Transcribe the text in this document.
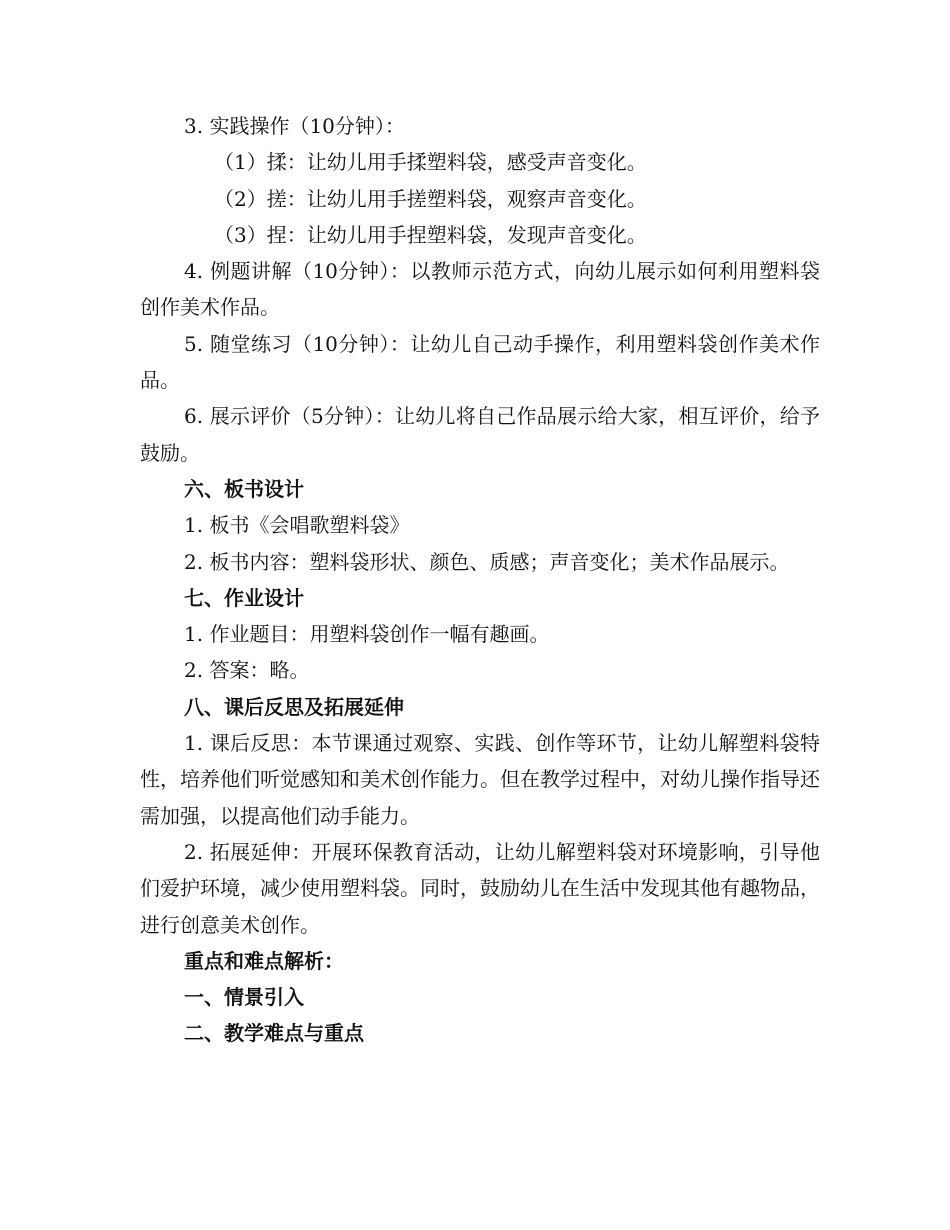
3. 实践操作（10分钟）：

（1）揉：让幼儿用手揉塑料袋，感受声音变化。

（2）搓：让幼儿用手搓塑料袋，观察声音变化。

（3）捏：让幼儿用手捏塑料袋，发现声音变化。

4. 例题讲解（10分钟）：以教师示范方式，向幼儿展示如何利用塑料袋创作美术作品。

5. 随堂练习（10分钟）：让幼儿自己动手操作，利用塑料袋创作美术作品。

6. 展示评价（5分钟）：让幼儿将自己作品展示给大家，相互评价，给予鼓励。

六、板书设计

1. 板书《会唱歌塑料袋》

2. 板书内容：塑料袋形状、颜色、质感；声音变化；美术作品展示。

七、作业设计

1. 作业题目：用塑料袋创作一幅有趣画。

2. 答案：略。

八、课后反思及拓展延伸

1. 课后反思：本节课通过观察、实践、创作等环节，让幼儿解塑料袋特性，培养他们听觉感知和美术创作能力。但在教学过程中，对幼儿操作指导还需加强，以提高他们动手能力。

2. 拓展延伸：开展环保教育活动，让幼儿解塑料袋对环境影响，引导他们爱护环境，减少使用塑料袋。同时，鼓励幼儿在生活中发现其他有趣物品，进行创意美术创作。

重点和难点解析：

一、情景引入

二、教学难点与重点
